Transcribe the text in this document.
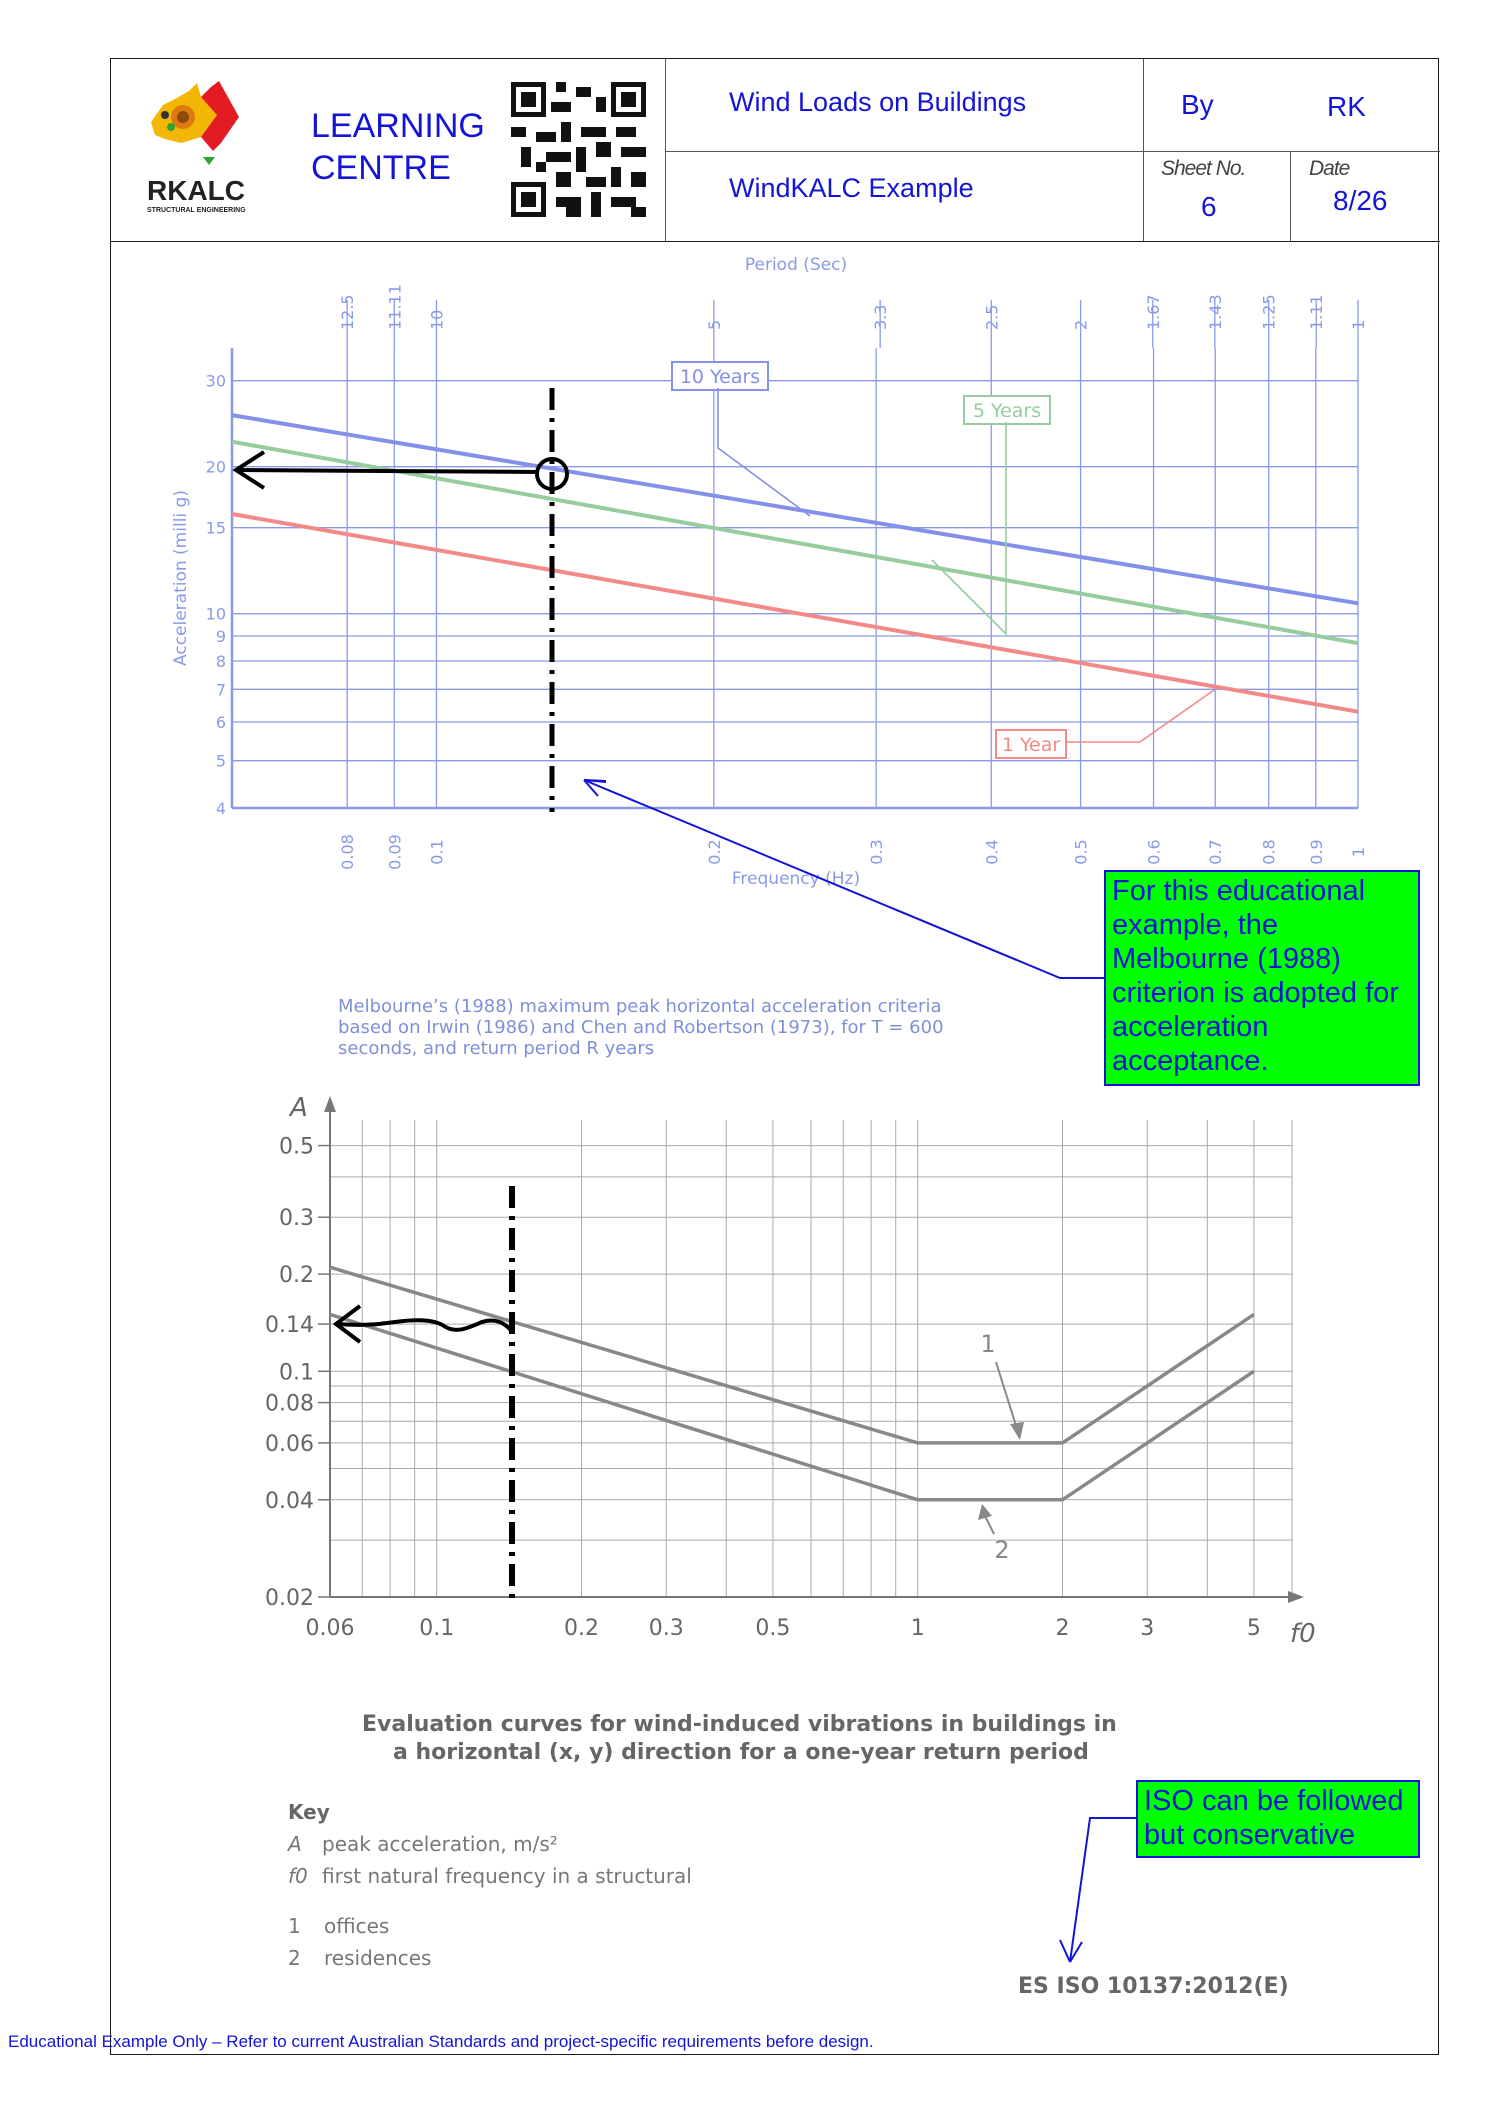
RKALC
STRUCTURAL ENGINEERING
LEARNING
CENTRE
Wind Loads on Buildings
WindKALC Example
By	RK
Sheet No.
6
Date
8/26
0.08 0.09 0.1	0.2	0.3	0.4	0.5	0.6	0.7 0.8 0.9 1
30
20
15
10
9
8
7
6
5
4
12.5 11.11 10	5	3.3	2.5	2	1.67	1.43 1.25 1.11 1
Period (Sec)
Frequency (Hz)
Acceleration (milli g)
10 Years
5 Years
1 Year
Melbourne’s (1988) maximum peak horizontal acceleration criteria
based on Irwin (1986) and Chen and Robertson (1973), for T = 600
seconds, and return period R years
0.06	0.1	0.2 0.3	0.5	1	2	3	5
0.5
0.3
0.2
0.14
0.1
0.08
0.06
0.04
0.02
A
f0
1
2
Evaluation curves for wind-induced vibrations in buildings in
a horizontal (x, y) direction for a one-year return period
Key
A peak acceleration, m/s²
f0 first natural frequency in a structural
1 offices
2 residences
ES ISO 10137:2012(E)
For this educational example, the Melbourne (1988) criterion is adopted for acceleration acceptance.
ISO can be followed but conservative
Educational Example Only – Refer to current Australian Standards and project-specific requirements before design.
